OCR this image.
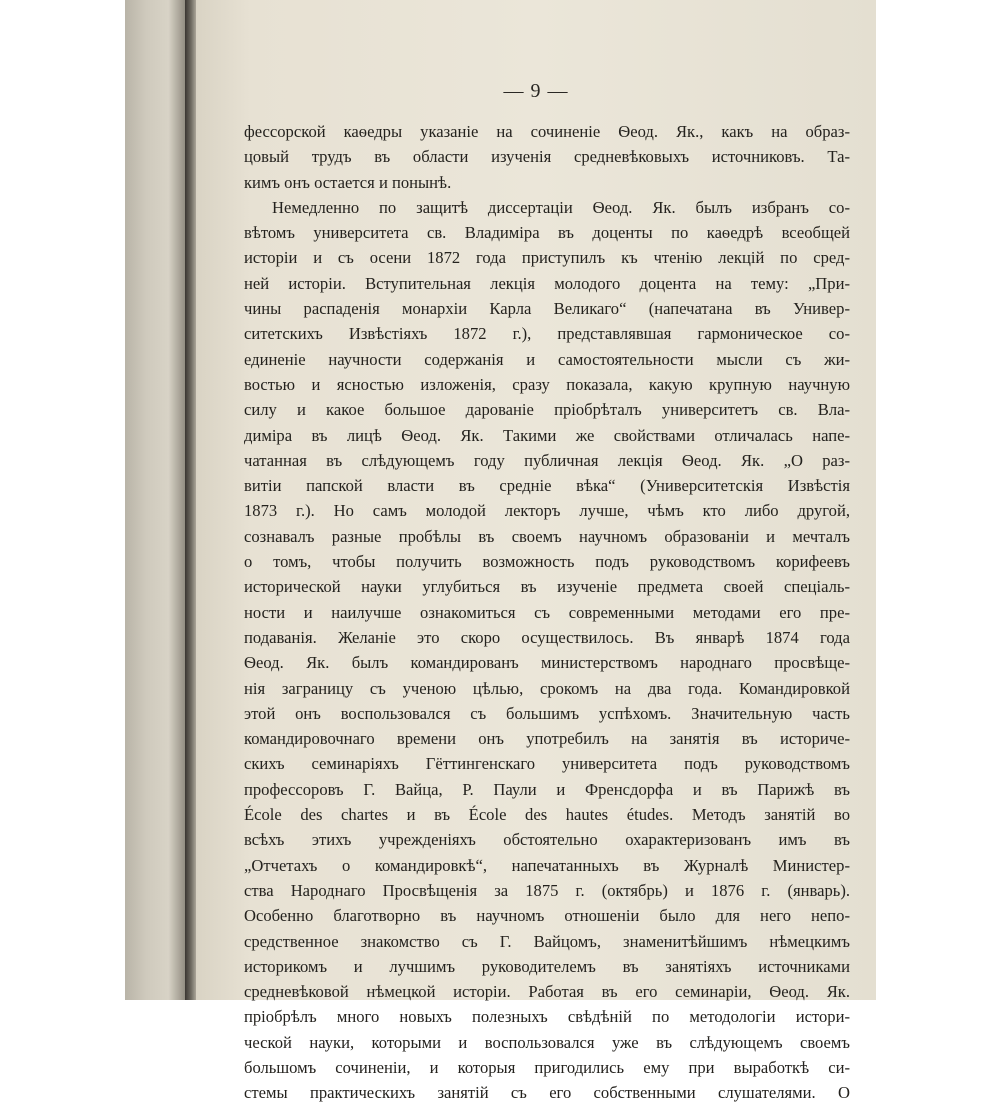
— 9 —
фессорской каѳедры указаніе на сочиненіе Ѳеод. Як., какъ на образ-
цовый трудъ въ области изученія средневѣковыхъ источниковъ. Та-
кимъ онъ остается и понынѣ.
Немедленно по защитѣ диссертаціи Ѳеод. Як. былъ избранъ со-
вѣтомъ университета св. Владиміра въ доценты по каѳедрѣ всеобщей
исторіи и съ осени 1872 года приступилъ къ чтенію лекцій по сред-
ней исторіи. Вступительная лекція молодого доцента на тему: „При-
чины распаденія монархіи Карла Великаго“ (напечатана въ Универ-
ситетскихъ Извѣстіяхъ 1872 г.), представлявшая гармоническое со-
единеніе научности содержанія и самостоятельности мысли съ жи-
востью и ясностью изложенія, сразу показала, какую крупную научную
силу и какое большое дарованіе пріобрѣталъ университетъ св. Вла-
диміра въ лицѣ Ѳеод. Як. Такими же свойствами отличалась напе-
чатанная въ слѣдующемъ году публичная лекція Ѳеод. Як. „О раз-
витіи папской власти въ средніе вѣка“ (Университетскія Извѣстія
1873 г.). Но самъ молодой лекторъ лучше, чѣмъ кто либо другой,
сознавалъ разные пробѣлы въ своемъ научномъ образованіи и мечталъ
о томъ, чтобы получить возможность подъ руководствомъ корифеевъ
исторической науки углубиться въ изученіе предмета своей спеціаль-
ности и наилучше ознакомиться съ современными методами его пре-
подаванія. Желаніе это скоро осуществилось. Въ январѣ 1874 года
Ѳеод. Як. былъ командированъ министерствомъ народнаго просвѣще-
нія заграницу съ ученою цѣлью, срокомъ на два года. Командировкой
этой онъ воспользовался съ большимъ успѣхомъ. Значительную часть
командировочнаго времени онъ употребилъ на занятія въ историче-
скихъ семинаріяхъ Гёттингенскаго университета подъ руководствомъ
профессоровъ Г. Вайца, Р. Паули и Френсдорфа и въ Парижѣ въ
École des chartes и въ École des hautes études. Методъ занятій во
всѣхъ этихъ учрежденіяхъ обстоятельно охарактеризованъ имъ въ
„Отчетахъ о командировкѣ“, напечатанныхъ въ Журналѣ Министер-
ства Народнаго Просвѣщенія за 1875 г. (октябрь) и 1876 г. (январь).
Особенно благотворно въ научномъ отношеніи было для него непо-
средственное знакомство съ Г. Вайцомъ, знаменитѣйшимъ нѣмецкимъ
историкомъ и лучшимъ руководителемъ въ занятіяхъ источниками
средневѣковой нѣмецкой исторіи. Работая въ его семинаріи, Ѳеод. Як.
пріобрѣлъ много новыхъ полезныхъ свѣдѣній по методологіи истори-
ческой науки, которыми и воспользовался уже въ слѣдующемъ своемъ
большомъ сочиненіи, и которыя пригодились ему при выработкѣ си-
стемы практическихъ занятій съ его собственными слушателями. О
